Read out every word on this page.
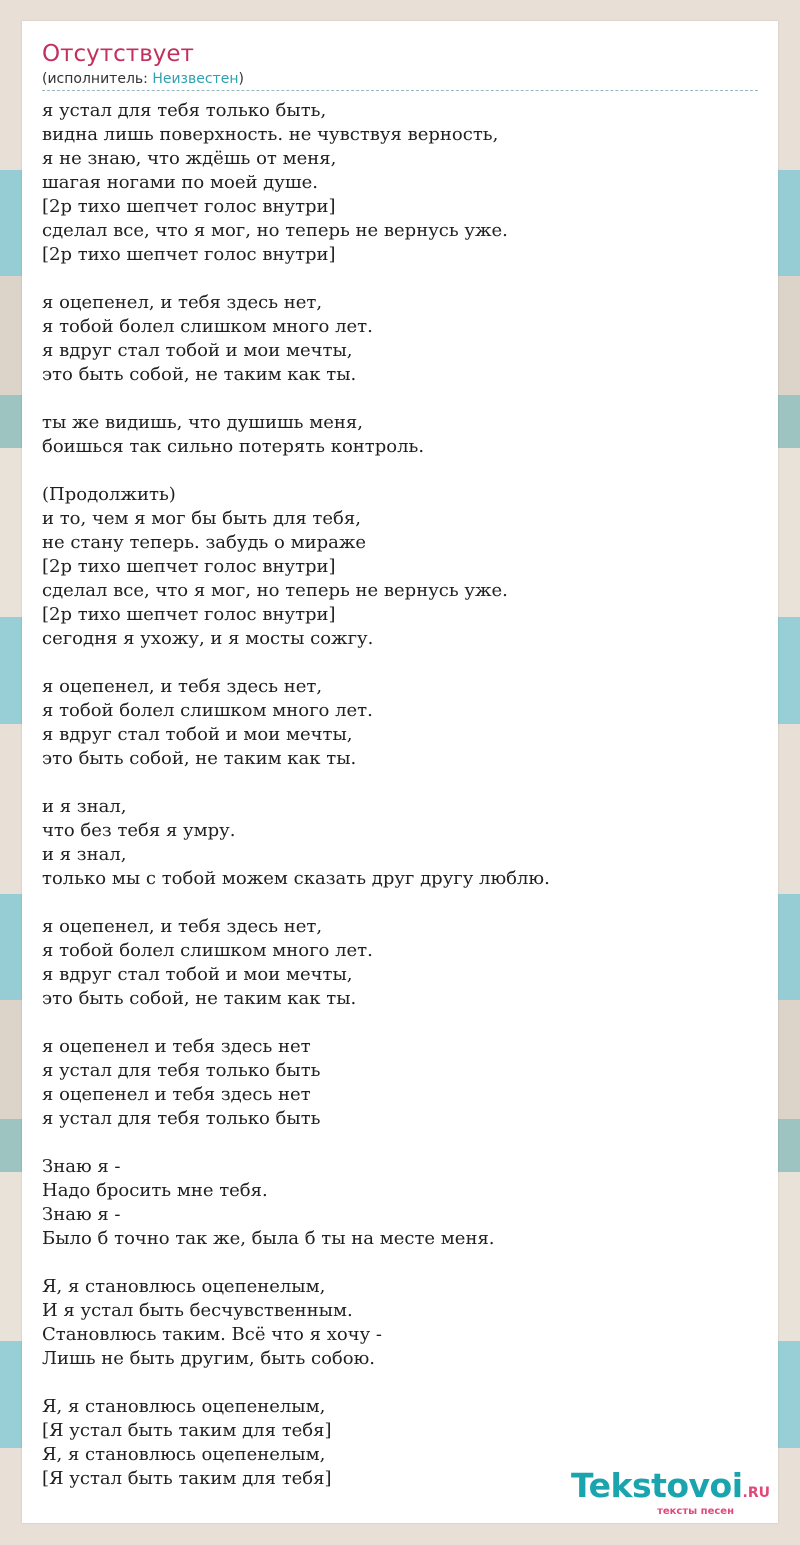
Отсутствует
(исполнитель: Неизвестен)
я устал для тебя только быть,
видна лишь поверхность. не чувствуя верность,
я не знаю, что ждёшь от меня,
шагая ногами по моей душе.
[2р тихо шепчет голос внутри]
сделал все, что я мог, но теперь не вернусь уже.
[2р тихо шепчет голос внутри]
я оцепенел, и тебя здесь нет,
я тобой болел слишком много лет.
я вдруг стал тобой и мои мечты,
это быть собой, не таким как ты.
ты же видишь, что душишь меня,
боишься так сильно потерять контроль.
(Продолжить)
и то, чем я мог бы быть для тебя,
не стану теперь. забудь о мираже
[2р тихо шепчет голос внутри]
сделал все, что я мог, но теперь не вернусь уже.
[2р тихо шепчет голос внутри]
сегодня я ухожу, и я мосты сожгу.
я оцепенел, и тебя здесь нет,
я тобой болел слишком много лет.
я вдруг стал тобой и мои мечты,
это быть собой, не таким как ты.
и я знал,
что без тебя я умру.
и я знал,
только мы с тобой можем сказать друг другу люблю.
я оцепенел, и тебя здесь нет,
я тобой болел слишком много лет.
я вдруг стал тобой и мои мечты,
это быть собой, не таким как ты.
я оцепенел и тебя здесь нет
я устал для тебя только быть
я оцепенел и тебя здесь нет
я устал для тебя только быть
Знаю я -
Надо бросить мне тебя.
Знаю я -
Было б точно так же, была б ты на месте меня.
Я, я становлюсь оцепенелым,
И я устал быть бесчувственным.
Становлюсь таким. Всё что я хочу -
Лишь не быть другим, быть собою.
Я, я становлюсь оцепенелым,
[Я устал быть таким для тебя]
Я, я становлюсь оцепенелым,
[Я устал быть таким для тебя]	Tekstovoi.RU
тексты песен
